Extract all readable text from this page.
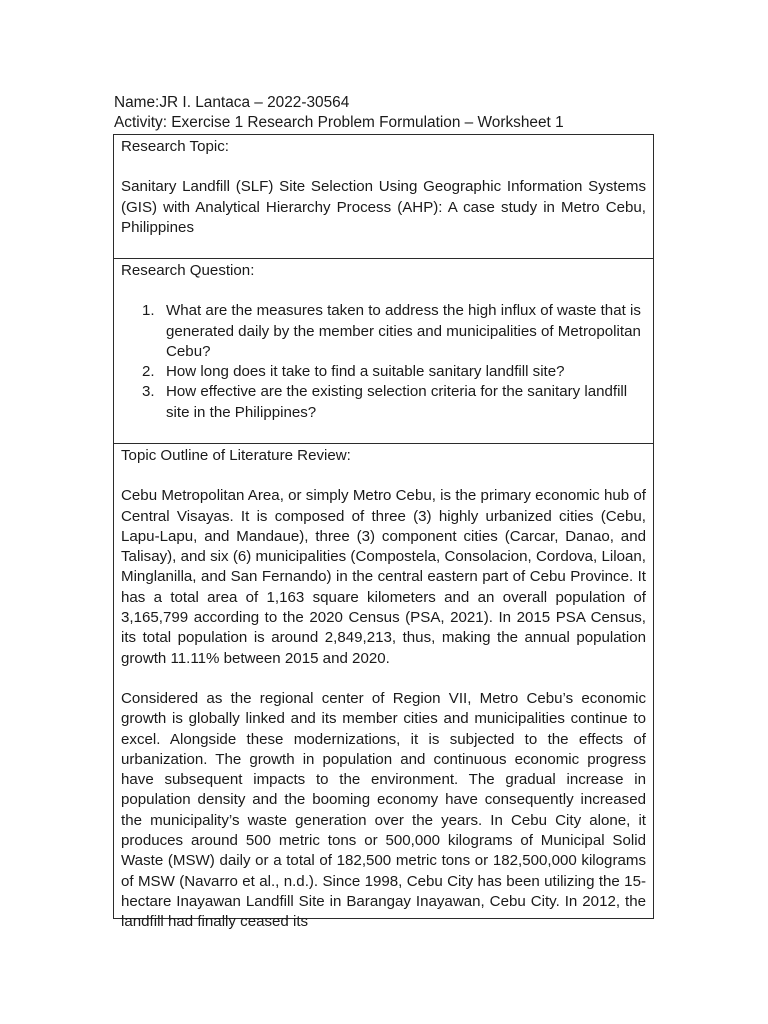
Name:JR I. Lantaca – 2022-30564
Activity: Exercise 1 Research Problem Formulation – Worksheet 1
Research Topic:

Sanitary Landfill (SLF) Site Selection Using Geographic Information Systems (GIS) with Analytical Hierarchy Process (AHP): A case study in Metro Cebu, Philippines

Research Question:
1. What are the measures taken to address the high influx of waste that is generated daily by the member cities and municipalities of Metropolitan Cebu?
2. How long does it take to find a suitable sanitary landfill site?
3. How effective are the existing selection criteria for the sanitary landfill site in the Philippines?
Topic Outline of Literature Review:

Cebu Metropolitan Area, or simply Metro Cebu, is the primary economic hub of Central Visayas. It is composed of three (3) highly urbanized cities (Cebu, Lapu-Lapu, and Mandaue), three (3) component cities (Carcar, Danao, and Talisay), and six (6) municipalities (Compostela, Consolacion, Cordova, Liloan, Minglanilla, and San Fernando) in the central eastern part of Cebu Province. It has a total area of 1,163 square kilometers and an overall population of 3,165,799 according to the 2020 Census (PSA, 2021). In 2015 PSA Census, its total population is around 2,849,213, thus, making the annual population growth 11.11% between 2015 and 2020.

Considered as the regional center of Region VII, Metro Cebu’s economic growth is globally linked and its member cities and municipalities continue to excel. Alongside these modernizations, it is subjected to the effects of urbanization. The growth in population and continuous economic progress have subsequent impacts to the environment. The gradual increase in population density and the booming economy have consequently increased the municipality’s waste generation over the years. In Cebu City alone, it produces around 500 metric tons or 500,000 kilograms of Municipal Solid Waste (MSW) daily or a total of 182,500 metric tons or 182,500,000 kilograms of MSW (Navarro et al., n.d.). Since 1998, Cebu City has been utilizing the 15-hectare Inayawan Landfill Site in Barangay Inayawan, Cebu City. In 2012, the landfill had finally ceased its
